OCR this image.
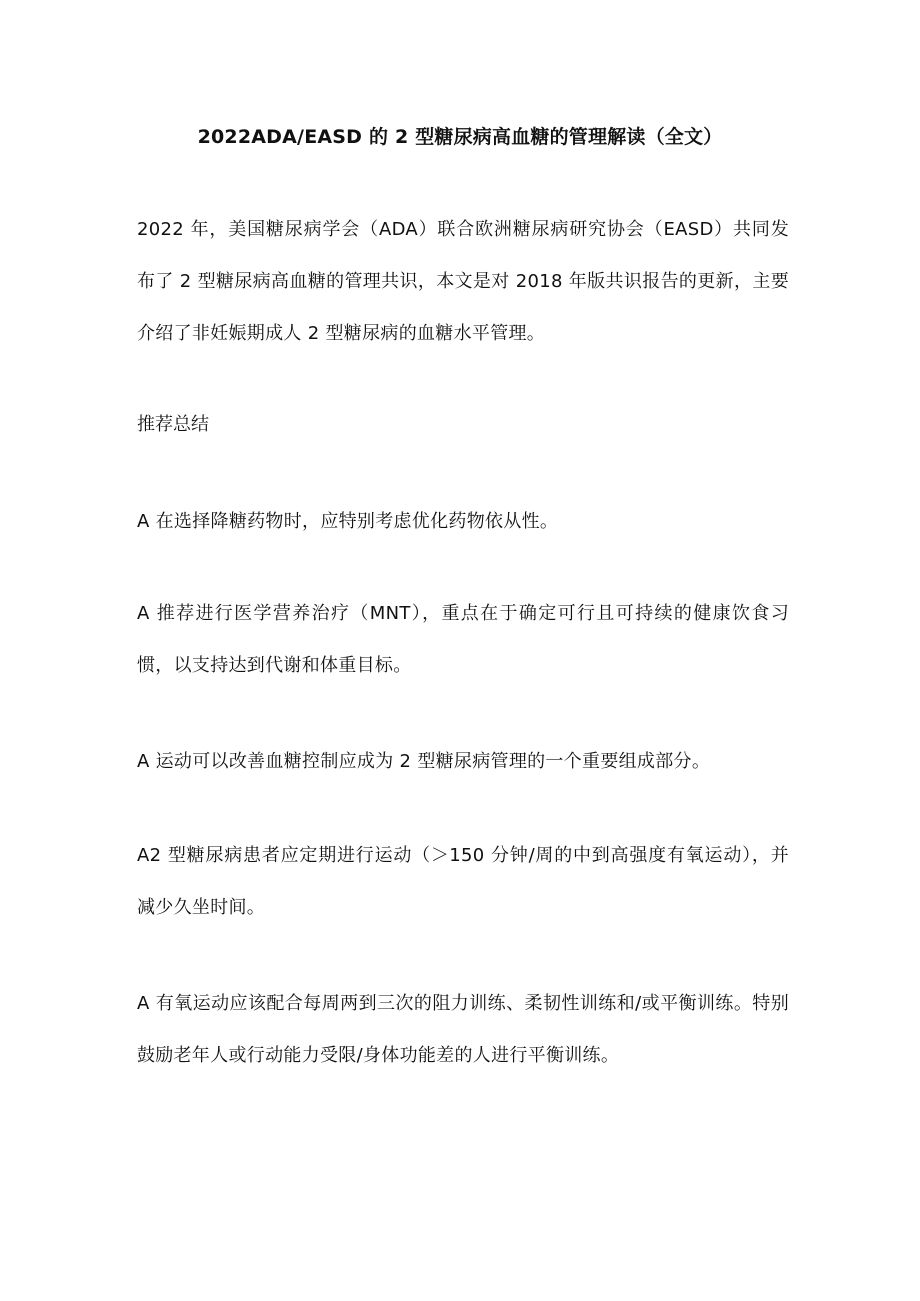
2022ADA/EASD 的 2 型糖尿病高血糖的管理解读（全文）

2022 年，美国糖尿病学会（ADA）联合欧洲糖尿病研究协会（EASD）共同发布了 2 型糖尿病高血糖的管理共识，本文是对 2018 年版共识报告的更新，主要介绍了非妊娠期成人 2 型糖尿病的血糖水平管理。

推荐总结

A 在选择降糖药物时，应特别考虑优化药物依从性。

A 推荐进行医学营养治疗（MNT），重点在于确定可行且可持续的健康饮食习惯，以支持达到代谢和体重目标。

A 运动可以改善血糖控制应成为 2 型糖尿病管理的一个重要组成部分。

A2 型糖尿病患者应定期进行运动（＞150 分钟/周的中到高强度有氧运动），并减少久坐时间。

A 有氧运动应该配合每周两到三次的阻力训练、柔韧性训练和/或平衡训练。特别鼓励老年人或行动能力受限/身体功能差的人进行平衡训练。
